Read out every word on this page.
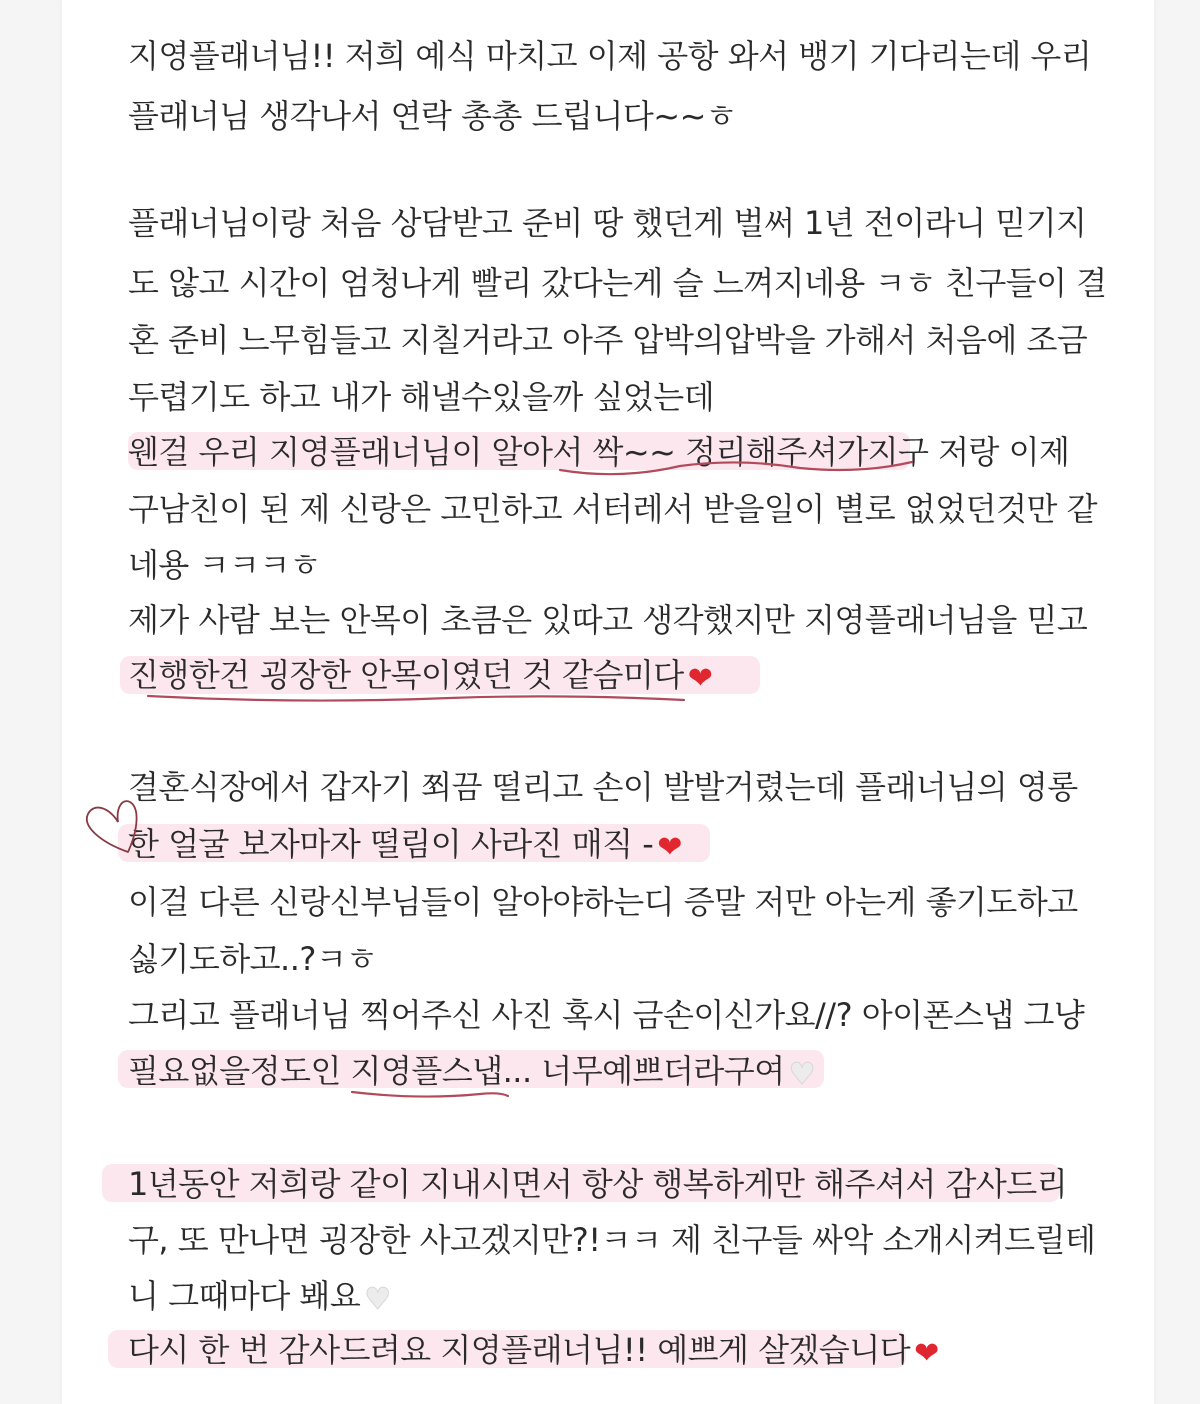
지영플래너님!! 저희 예식 마치고 이제 공항 와서 뱅기 기다리는데 우리
플래너님 생각나서 연락 총총 드립니다~~ㅎ
플래너님이랑 처음 상담받고 준비 땅 했던게 벌써 1년 전이라니 믿기지
도 않고 시간이 엄청나게 빨리 갔다는게 슬 느껴지네용 ㅋㅎ 친구들이 결
혼 준비 느무힘들고 지칠거라고 아주 압박의압박을 가해서 처음에 조금
두렵기도 하고 내가 해낼수있을까 싶었는데
웬걸 우리 지영플래너님이 알아서 싹~~ 정리해주셔가지구 저랑 이제
구남친이 된 제 신랑은 고민하고 서터레서 받을일이 별로 없었던것만 같
네용 ㅋㅋㅋㅎ
제가 사람 보는 안목이 초큼은 있따고 생각했지만 지영플래너님을 믿고
진행한건 굉장한 안목이였던 것 같슴미다 ❤
결혼식장에서 갑자기 쬐끔 떨리고 손이 발발거렸는데 플래너님의 영롱
한 얼굴 보자마자 떨림이 사라진 매직 - ❤
이걸 다른 신랑신부님들이 알아야하는디 증말 저만 아는게 좋기도하고
싫기도하고..?ㅋㅎ
그리고 플래너님 찍어주신 사진 혹시 금손이신가요//? 아이폰스냅 그냥
필요없을정도인 지영플스냅... 너무예쁘더라구여 ♥
1년동안 저희랑 같이 지내시면서 항상 행복하게만 해주셔서 감사드리
구, 또 만나면 굉장한 사고겠지만?!ㅋㅋ 제 친구들 싸악 소개시켜드릴테
니 그때마다 봬요 ♥
다시 한 번 감사드려요 지영플래너님!! 예쁘게 살겠습니다 ❤
